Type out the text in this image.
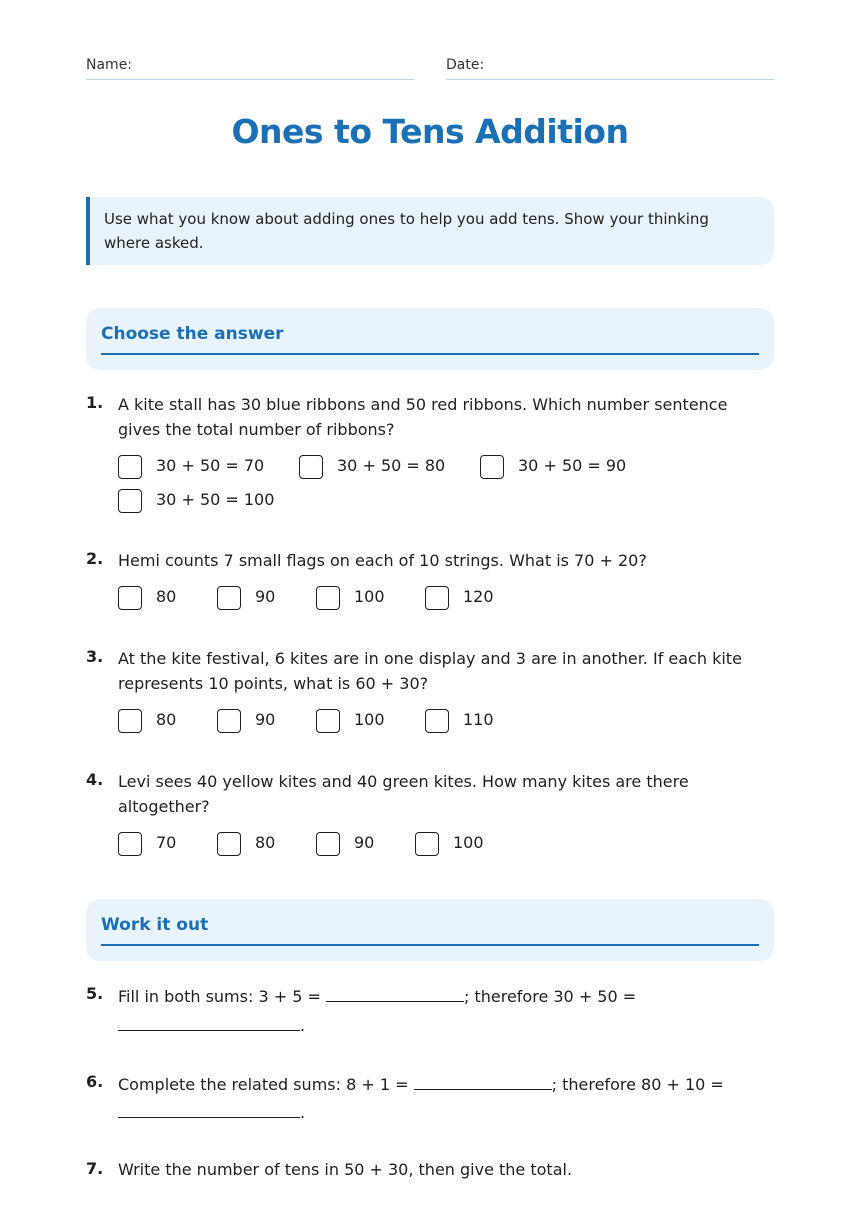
Name:	Date:
Ones to Tens Addition
Use what you know about adding ones to help you add tens. Show your thinking where asked.
Choose the answer
1. A kite stall has 30 blue ribbons and 50 red ribbons. Which number sentence gives the total number of ribbons?
30 + 50 = 70	30 + 50 = 80	30 + 50 = 90
30 + 50 = 100
2. Hemi counts 7 small flags on each of 10 strings. What is 70 + 20?
80	90	100	120
3. At the kite festival, 6 kites are in one display and 3 are in another. If each kite represents 10 points, what is 60 + 30?
80	90	100	110
4. Levi sees 40 yellow kites and 40 green kites. How many kites are there altogether?
70	80	90	100
Work it out
5. Fill in both sums: 3 + 5 =	; therefore 30 + 50 =
.
6. Complete the related sums: 8 + 1 =	; therefore 80 + 10 =
.
7. Write the number of tens in 50 + 30, then give the total.
